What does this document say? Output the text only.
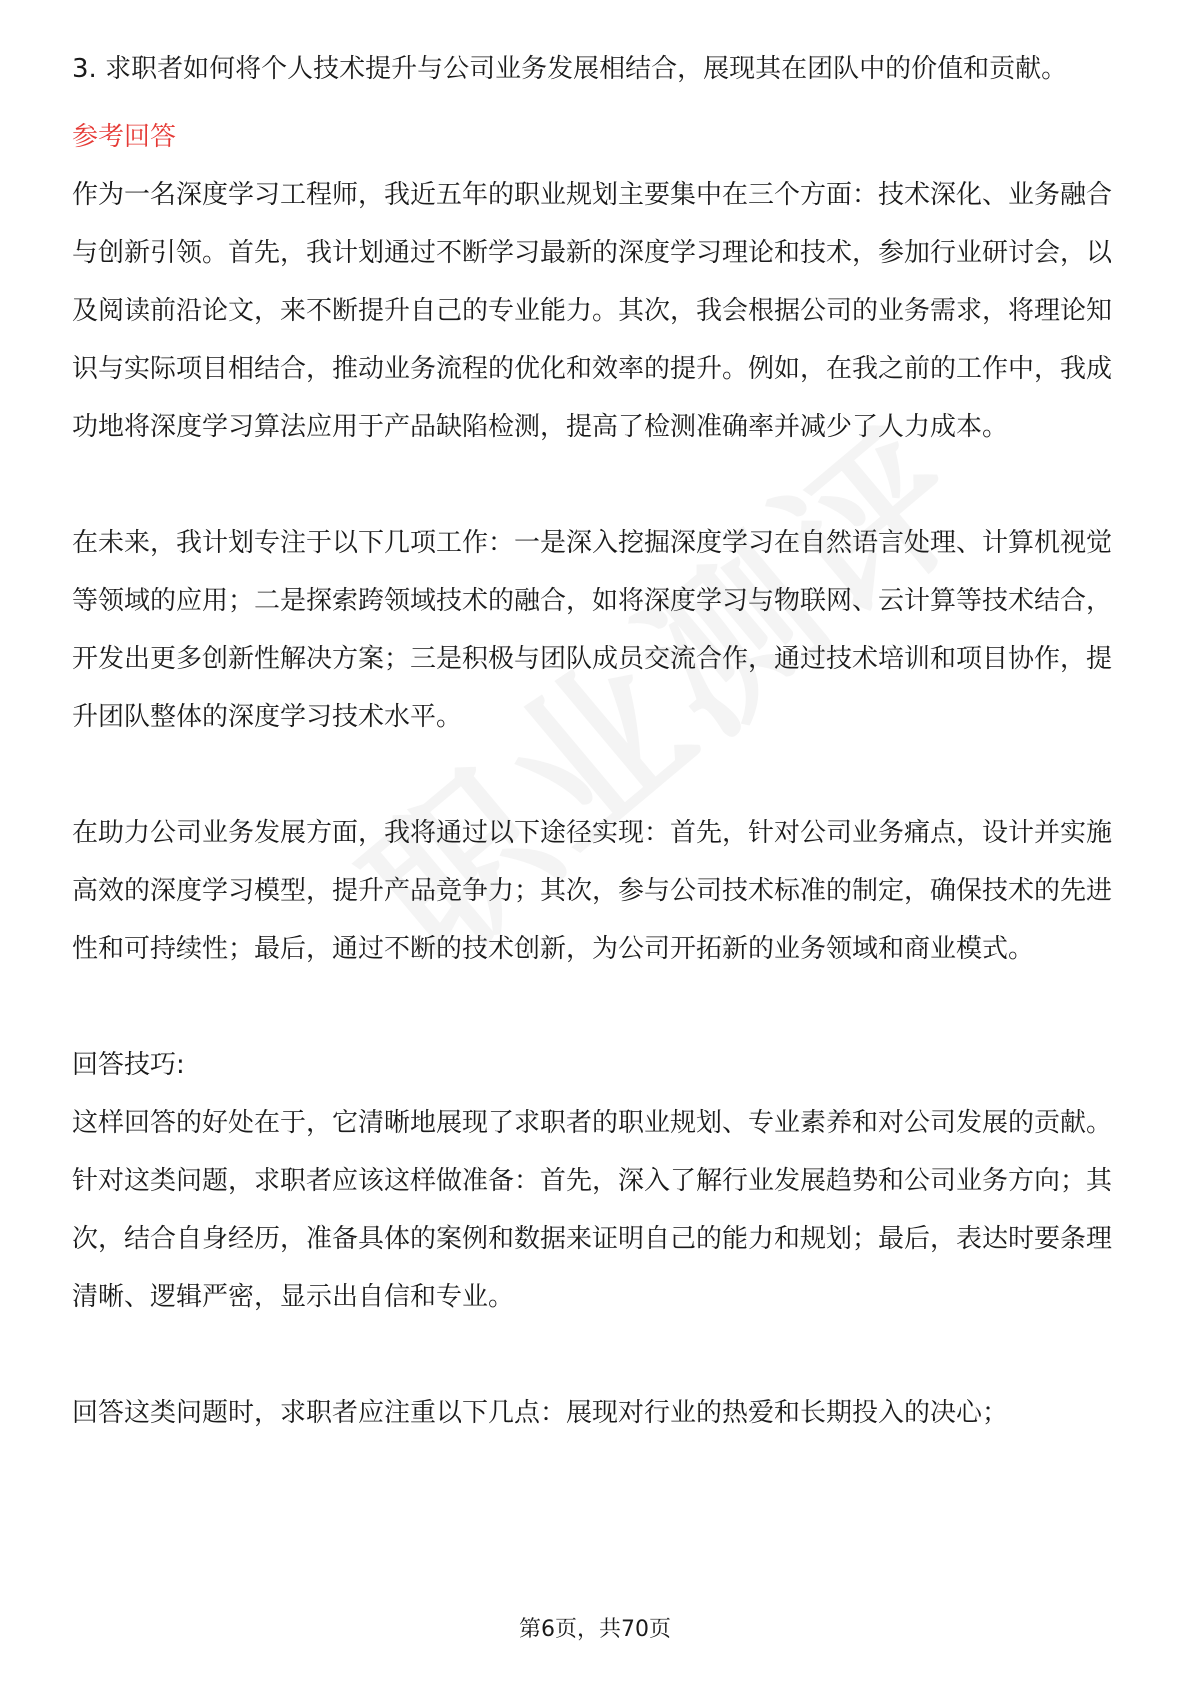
3. 求职者如何将个人技术提升与公司业务发展相结合，展现其在团队中的价值和贡献。

参考回答

作为一名深度学习工程师，我近五年的职业规划主要集中在三个方面：技术深化、业务融合与创新引领。首先，我计划通过不断学习最新的深度学习理论和技术，参加行业研讨会，以及阅读前沿论文，来不断提升自己的专业能力。其次，我会根据公司的业务需求，将理论知识与实际项目相结合，推动业务流程的优化和效率的提升。例如，在我之前的工作中，我成功地将深度学习算法应用于产品缺陷检测，提高了检测准确率并减少了人力成本。

在未来，我计划专注于以下几项工作：一是深入挖掘深度学习在自然语言处理、计算机视觉等领域的应用；二是探索跨领域技术的融合，如将深度学习与物联网、云计算等技术结合，开发出更多创新性解决方案；三是积极与团队成员交流合作，通过技术培训和项目协作，提升团队整体的深度学习技术水平。

在助力公司业务发展方面，我将通过以下途径实现：首先，针对公司业务痛点，设计并实施高效的深度学习模型，提升产品竞争力；其次，参与公司技术标准的制定，确保技术的先进性和可持续性；最后，通过不断的技术创新，为公司开拓新的业务领域和商业模式。

回答技巧:

这样回答的好处在于，它清晰地展现了求职者的职业规划、专业素养和对公司发展的贡献。针对这类问题，求职者应该这样做准备：首先，深入了解行业发展趋势和公司业务方向；其次，结合自身经历，准备具体的案例和数据来证明自己的能力和规划；最后，表达时要条理清晰、逻辑严密，显示出自信和专业。

回答这类问题时，求职者应注重以下几点：展现对行业的热爱和长期投入的决心；

第6页，共70页
